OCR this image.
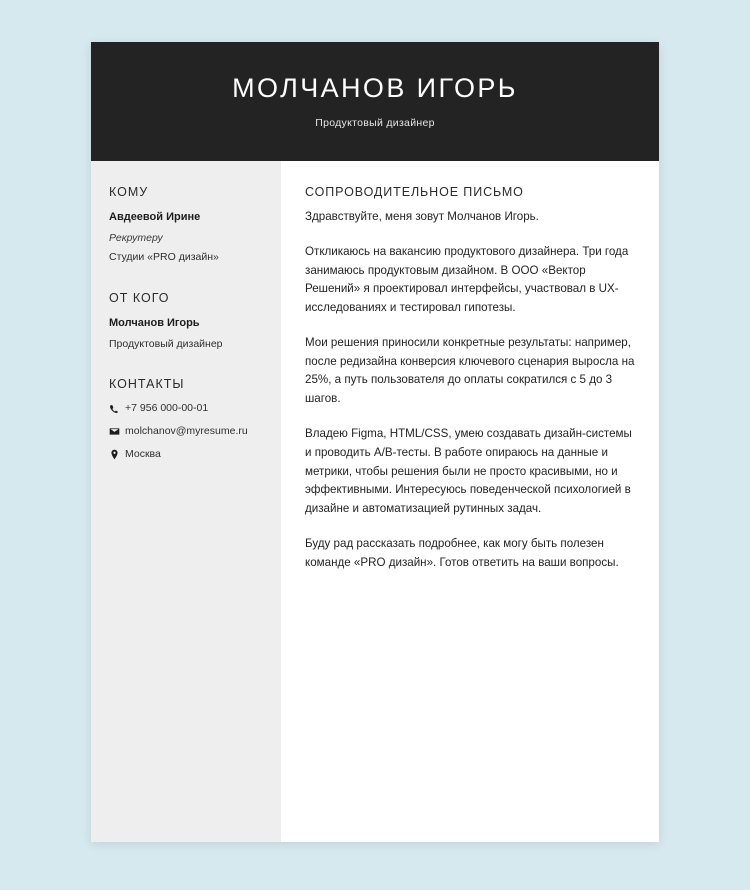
МОЛЧАНОВ ИГОРЬ
Продуктовый дизайнер
КОМУ
Авдеевой Ирине
Рекрутеру
Студии «PRO дизайн»
ОТ КОГО
Молчанов Игорь
Продуктовый дизайнер
КОНТАКТЫ
+7 956 000-00-01
molchanov@myresume.ru
Москва
СОПРОВОДИТЕЛЬНОЕ ПИСЬМО

Здравствуйте, меня зовут Молчанов Игорь.

Откликаюсь на вакансию продуктового дизайнера. Три года занимаюсь продуктовым дизайном. В ООО «Вектор Решений» я проектировал интерфейсы, участвовал в UX-исследованиях и тестировал гипотезы.

Мои решения приносили конкретные результаты: например, после редизайна конверсия ключевого сценария выросла на 25%, а путь пользователя до оплаты сократился с 5 до 3 шагов.

Владею Figma, HTML/CSS, умею создавать дизайн-системы и проводить A/B-тесты. В работе опираюсь на данные и метрики, чтобы решения были не просто красивыми, но и эффективными. Интересуюсь поведенческой психологией в дизайне и автоматизацией рутинных задач.

Буду рад рассказать подробнее, как могу быть полезен команде «PRO дизайн». Готов ответить на ваши вопросы.
